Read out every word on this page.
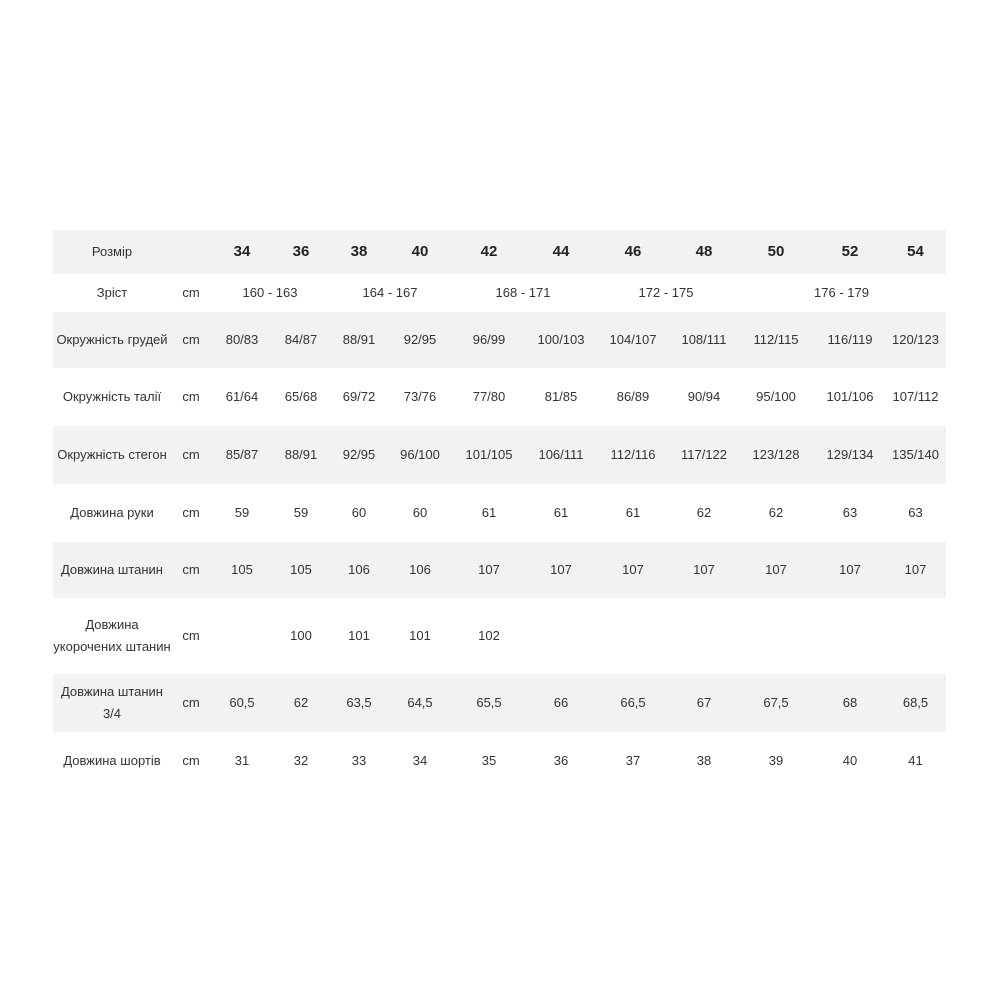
Розмір		34	36	38	40	42	44	46	48	50	52	54
Зріст	cm	160 - 163		164 - 167		168 - 171		172 - 175		176 - 179		
Окружність грудей	cm	80/83	84/87	88/91	92/95	96/99	100/103	104/107	108/111	112/115	116/119	120/123
Окружність талії	cm	61/64	65/68	69/72	73/76	77/80	81/85	86/89	90/94	95/100	101/106	107/112
Окружність стегон	cm	85/87	88/91	92/95	96/100	101/105	106/111	112/116	117/122	123/128	129/134	135/140
Довжина руки	cm	59	59	60	60	61	61	61	62	62	63	63
Довжина штанин	cm	105	105	106	106	107	107	107	107	107	107	107
Довжина укорочених штанин	cm		100	101	101	102						
Довжина штанин 3/4	cm	60,5	62	63,5	64,5	65,5	66	66,5	67	67,5	68	68,5
Довжина шортів	cm	31	32	33	34	35	36	37	38	39	40	41
